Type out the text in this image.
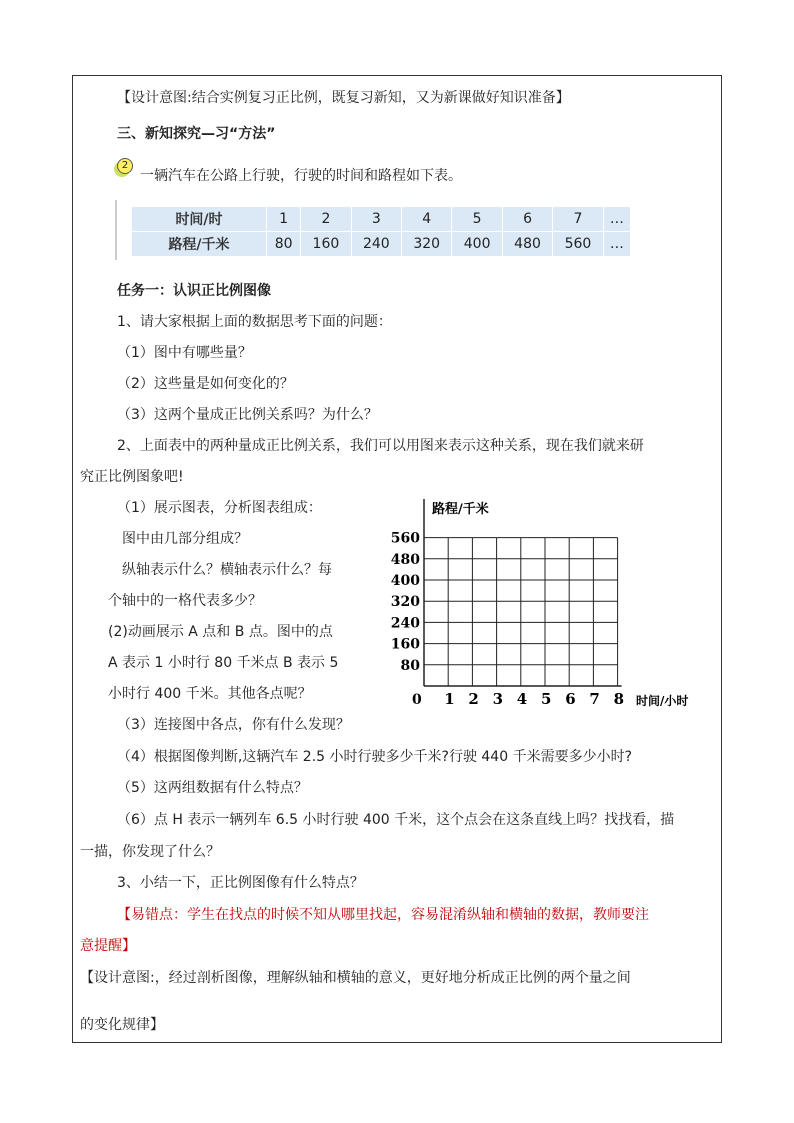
【设计意图:结合实例复习正比例，既复习新知，又为新课做好知识准备】
三、新知探究—习“方法”
2
一辆汽车在公路上行驶，行驶的时间和路程如下表。
时间/时	1	2	3	4	5	6	7	…
路程/千米	80	160	240	320	400	480	560	…
任务一：认识正比例图像
1、请大家根据上面的数据思考下面的问题：
（1）图中有哪些量？
（2）这些量是如何变化的？
（3）这两个量成正比例关系吗？为什么？
2、上面表中的两种量成正比例关系，我们可以用图来表示这种关系，现在我们就来研
究正比例图象吧!
（1）展示图表，分析图表组成：
图中由几部分组成？
纵轴表示什么？横轴表示什么？每
个轴中的一格代表多少？
(2)动画展示 A 点和 B 点。图中的点
A 表示 1 小时行 80 千米点 B 表示 5
小时行 400 千米。其他各点呢？
（3）连接图中各点，你有什么发现？
（4）根据图像判断,这辆汽车 2.5 小时行驶多少千米?行驶 440 千米需要多少小时?
（5）这两组数据有什么特点？
（6）点 H 表示一辆列车 6.5 小时行驶 400 千米，这个点会在这条直线上吗？找找看，描
一描，你发现了什么？
3、小结一下，正比例图像有什么特点？
【易错点：学生在找点的时候不知从哪里找起，容易混淆纵轴和横轴的数据，教师要注
意提醒】
【设计意图:，经过剖析图像，理解纵轴和横轴的意义，更好地分析成正比例的两个量之间
的变化规律】
1 2 3 4 5 6 7 8
80
160
240
320
400
480
560
路程/千米
时间/小时
0
